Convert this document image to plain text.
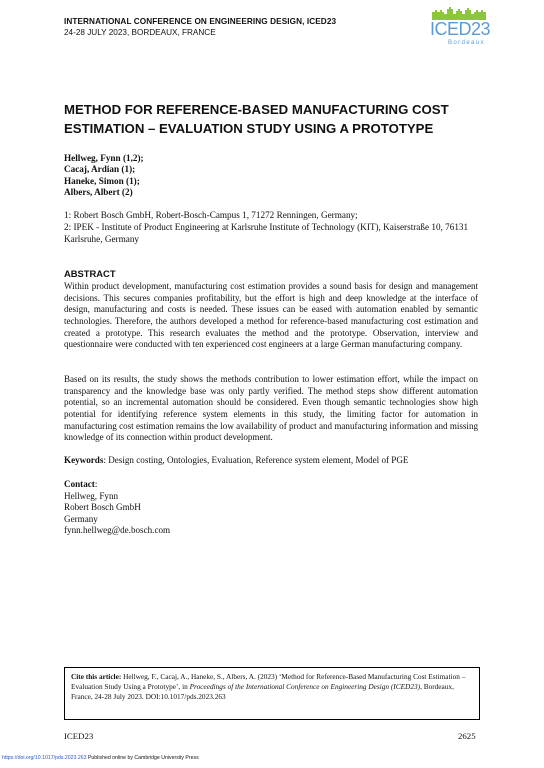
INTERNATIONAL CONFERENCE ON ENGINEERING DESIGN, ICED23
24-28 JULY 2023, BORDEAUX, FRANCE	ICED23
Bordeaux
METHOD FOR REFERENCE-BASED MANUFACTURING COST ESTIMATION – EVALUATION STUDY USING A PROTOTYPE
Hellweg, Fynn (1,2);
Cacaj, Ardian (1);
Haneke, Simon (1);
Albers, Albert (2)
1: Robert Bosch GmbH, Robert-Bosch-Campus 1, 71272 Renningen, Germany;
2: IPEK - Institute of Product Engineering at Karlsruhe Institute of Technology (KIT), Kaiserstraße 10, 76131 Karlsruhe, Germany
ABSTRACT
Within product development, manufacturing cost estimation provides a sound basis for design and management decisions. This secures companies profitability, but the effort is high and deep knowledge at the interface of design, manufacturing and costs is needed. These issues can be eased with automation enabled by semantic technologies. Therefore, the authors developed a method for reference-based manufacturing cost estimation and created a prototype. This research evaluates the method and the prototype. Observation, interview and questionnaire were conducted with ten experienced cost engineers at a large German manufacturing company.
Based on its results, the study shows the methods contribution to lower estimation effort, while the impact on transparency and the knowledge base was only partly verified. The method steps show different automation potential, so an incremental automation should be considered. Even though semantic technologies show high potential for identifying reference system elements in this study, the limiting factor for automation in manufacturing cost estimation remains the low availability of product and manufacturing information and missing knowledge of its connection within product development.
Keywords: Design costing, Ontologies, Evaluation, Reference system element, Model of PGE
Contact:
Hellweg, Fynn
Robert Bosch GmbH
Germany
fynn.hellweg@de.bosch.com
Cite this article: Hellweg, F., Cacaj, A., Haneke, S., Albers, A. (2023) ‘Method for Reference-Based Manufacturing Cost Estimation – Evaluation Study Using a Prototype’, in Proceedings of the International Conference on Engineering Design (ICED23), Bordeaux, France, 24-28 July 2023. DOI:10.1017/pds.2023.263
ICED23	2625
https://doi.org/10.1017/pds.2023.263 Published online by Cambridge University Press
